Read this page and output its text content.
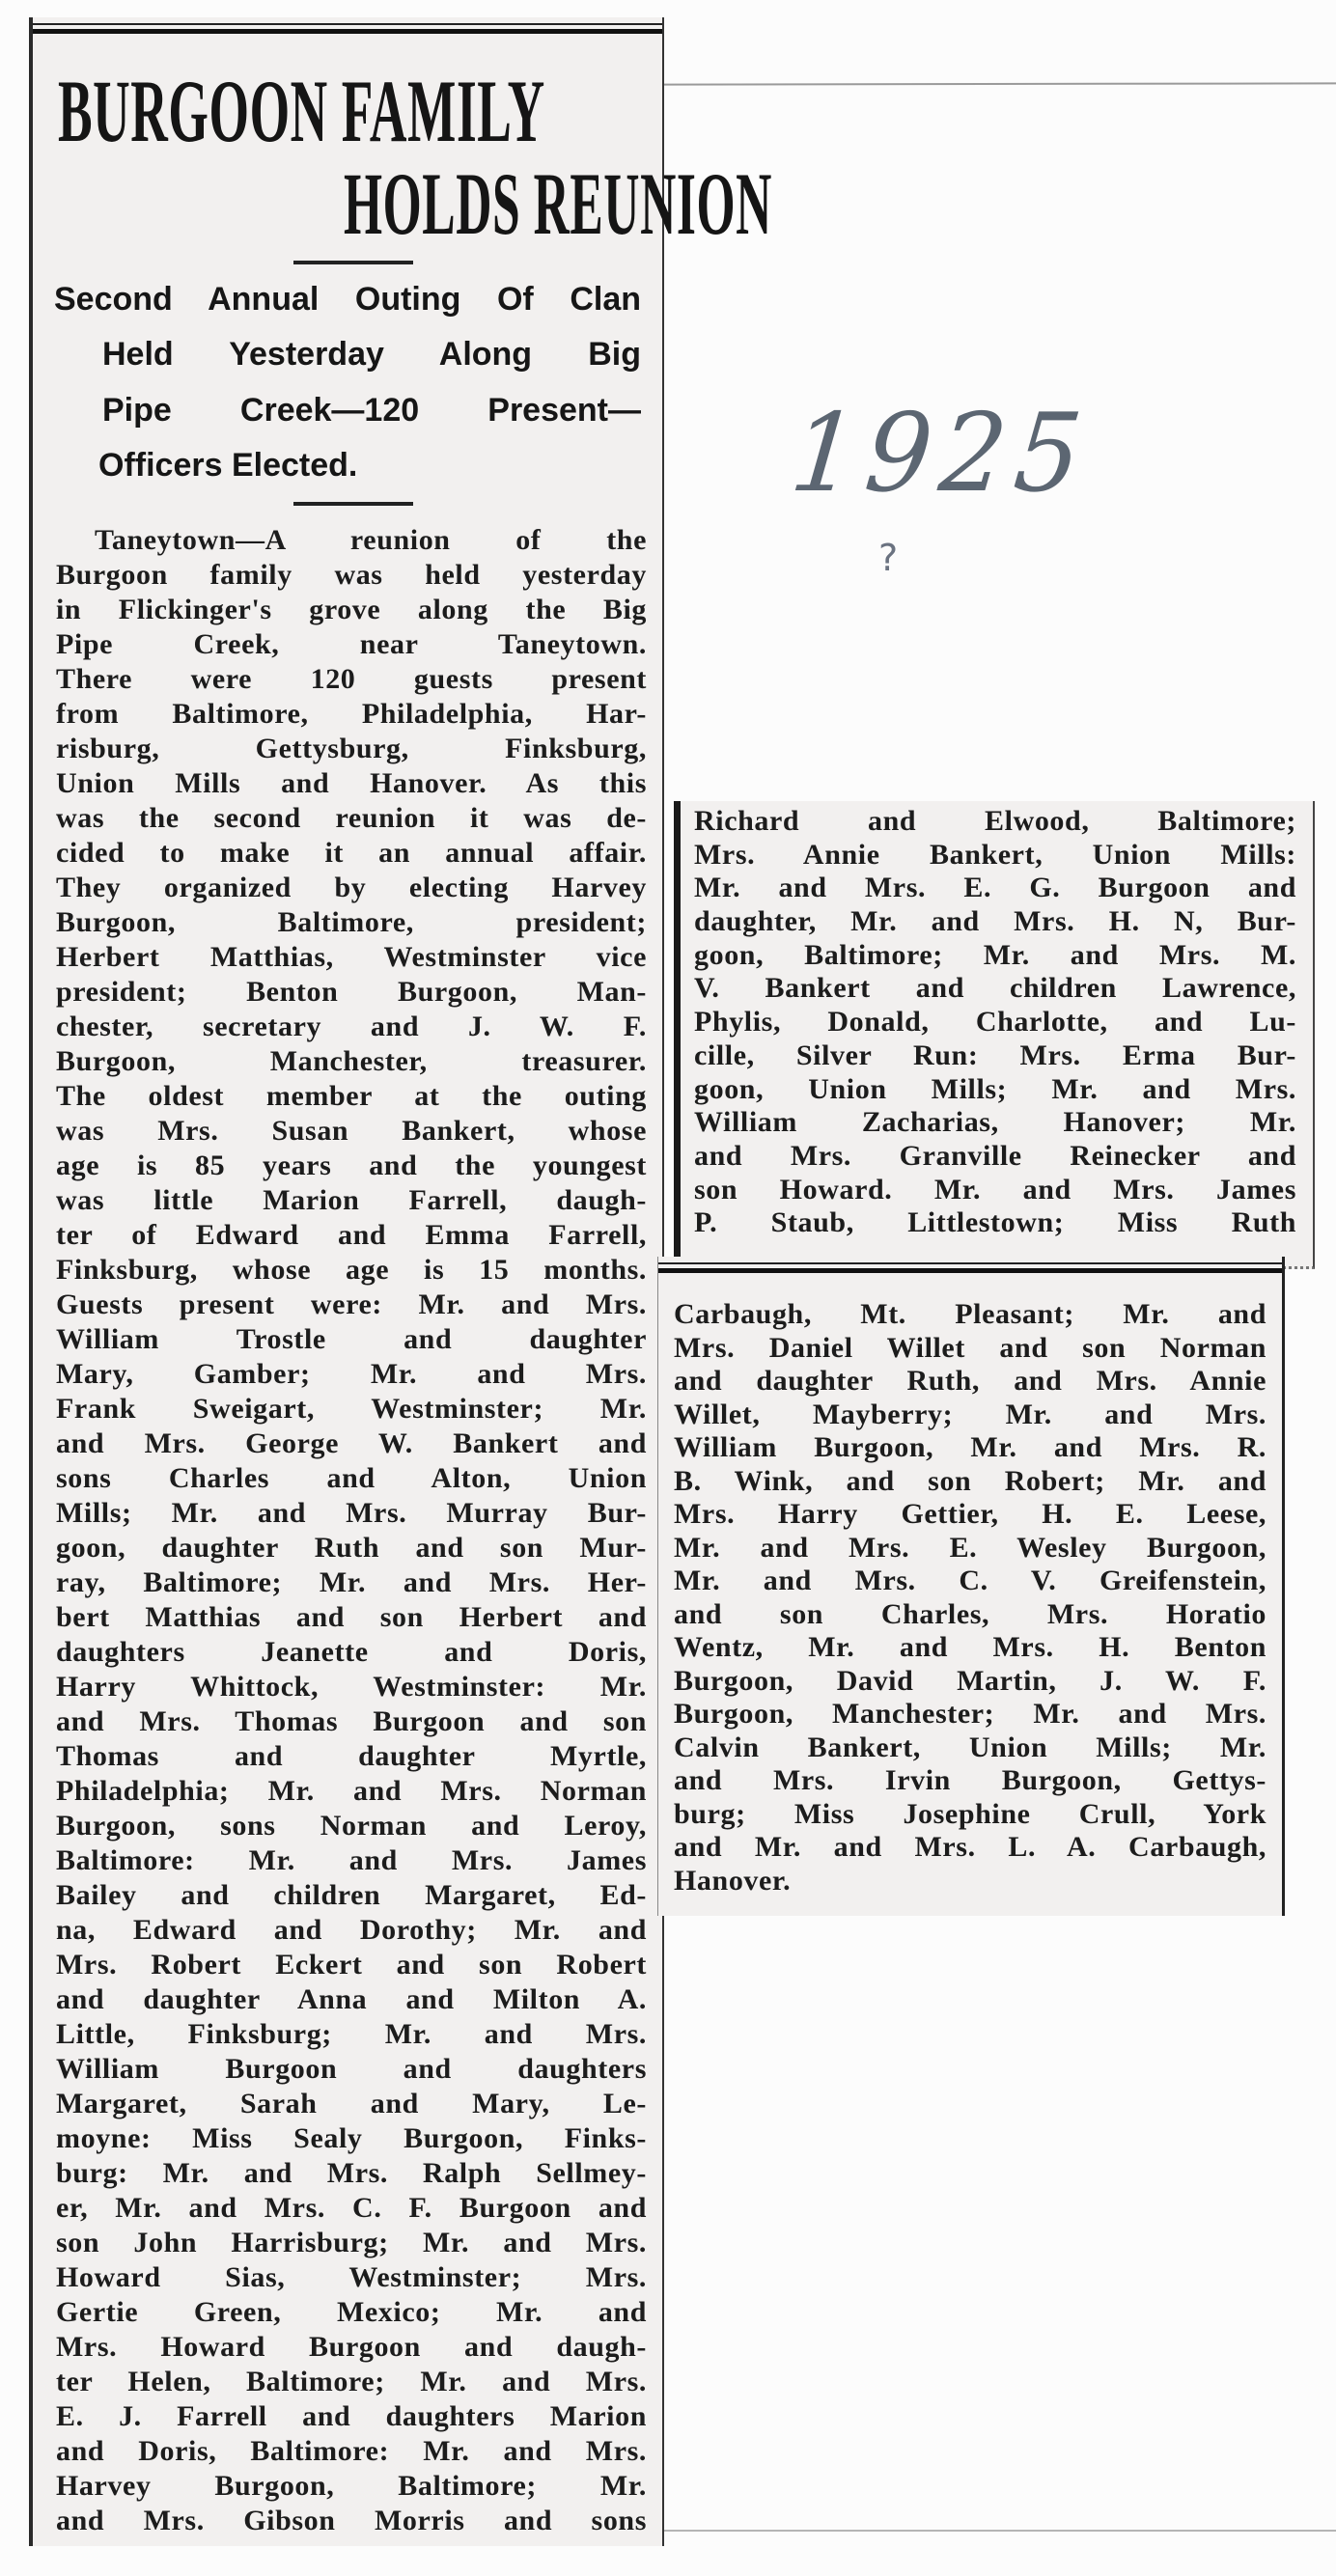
BURGOON FAMILY
HOLDS REUNION
Second Annual Outing Of Clan
Held Yesterday Along Big
Pipe Creek—120 Present—
Officers Elected.
Taneytown—A reunion of the
Burgoon family was held yesterday
in Flickinger's grove along the Big
Pipe Creek, near Taneytown.
There were 120 guests present
from Baltimore, Philadelphia, Har-
risburg, Gettysburg, Finksburg,
Union Mills and Hanover. As this
was the second reunion it was de-
cided to make it an annual affair.
They organized by electing Harvey
Burgoon, Baltimore, president;
Herbert Matthias, Westminster vice
president; Benton Burgoon, Man-
chester, secretary and J. W. F.
Burgoon, Manchester, treasurer.
The oldest member at the outing
was Mrs. Susan Bankert, whose
age is 85 years and the youngest
was little Marion Farrell, daugh-
ter of Edward and Emma Farrell,
Finksburg, whose age is 15 months.
Guests present were: Mr. and Mrs.
William Trostle and daughter
Mary, Gamber; Mr. and Mrs.
Frank Sweigart, Westminster; Mr.
and Mrs. George W. Bankert and
sons Charles and Alton, Union
Mills; Mr. and Mrs. Murray Bur-
goon, daughter Ruth and son Mur-
ray, Baltimore; Mr. and Mrs. Her-
bert Matthias and son Herbert and
daughters Jeanette and Doris,
Harry Whittock, Westminster: Mr.
and Mrs. Thomas Burgoon and son
Thomas and daughter Myrtle,
Philadelphia; Mr. and Mrs. Norman
Burgoon, sons Norman and Leroy,
Baltimore: Mr. and Mrs. James
Bailey and children Margaret, Ed-
na, Edward and Dorothy; Mr. and
Mrs. Robert Eckert and son Robert
and daughter Anna and Milton A.
Little, Finksburg; Mr. and Mrs.
William Burgoon and daughters
Margaret, Sarah and Mary, Le-
moyne: Miss Sealy Burgoon, Finks-
burg: Mr. and Mrs. Ralph Sellmey-
er, Mr. and Mrs. C. F. Burgoon and
son John Harrisburg; Mr. and Mrs.
Howard Sias, Westminster; Mrs.
Gertie Green, Mexico; Mr. and
Mrs. Howard Burgoon and daugh-
ter Helen, Baltimore; Mr. and Mrs.
E. J. Farrell and daughters Marion
and Doris, Baltimore: Mr. and Mrs.
Harvey Burgoon, Baltimore; Mr.
and Mrs. Gibson Morris and sons
1925
?
Richard and Elwood, Baltimore;
Mrs. Annie Bankert, Union Mills:
Mr. and Mrs. E. G. Burgoon and
daughter, Mr. and Mrs. H. N, Bur-
goon, Baltimore; Mr. and Mrs. M.
V. Bankert and children Lawrence,
Phylis, Donald, Charlotte, and Lu-
cille, Silver Run: Mrs. Erma Bur-
goon, Union Mills; Mr. and Mrs.
William Zacharias, Hanover; Mr.
and Mrs. Granville Reinecker and
son Howard. Mr. and Mrs. James
P. Staub, Littlestown; Miss Ruth
Carbaugh, Mt. Pleasant; Mr. and
Mrs. Daniel Willet and son Norman
and daughter Ruth, and Mrs. Annie
Willet, Mayberry; Mr. and Mrs.
William Burgoon, Mr. and Mrs. R.
B. Wink, and son Robert; Mr. and
Mrs. Harry Gettier, H. E. Leese,
Mr. and Mrs. E. Wesley Burgoon,
Mr. and Mrs. C. V. Greifenstein,
and son Charles, Mrs. Horatio
Wentz, Mr. and Mrs. H. Benton
Burgoon, David Martin, J. W. F.
Burgoon, Manchester; Mr. and Mrs.
Calvin Bankert, Union Mills; Mr.
and Mrs. Irvin Burgoon, Gettys-
burg; Miss Josephine Crull, York
and Mr. and Mrs. L. A. Carbaugh,
Hanover.
